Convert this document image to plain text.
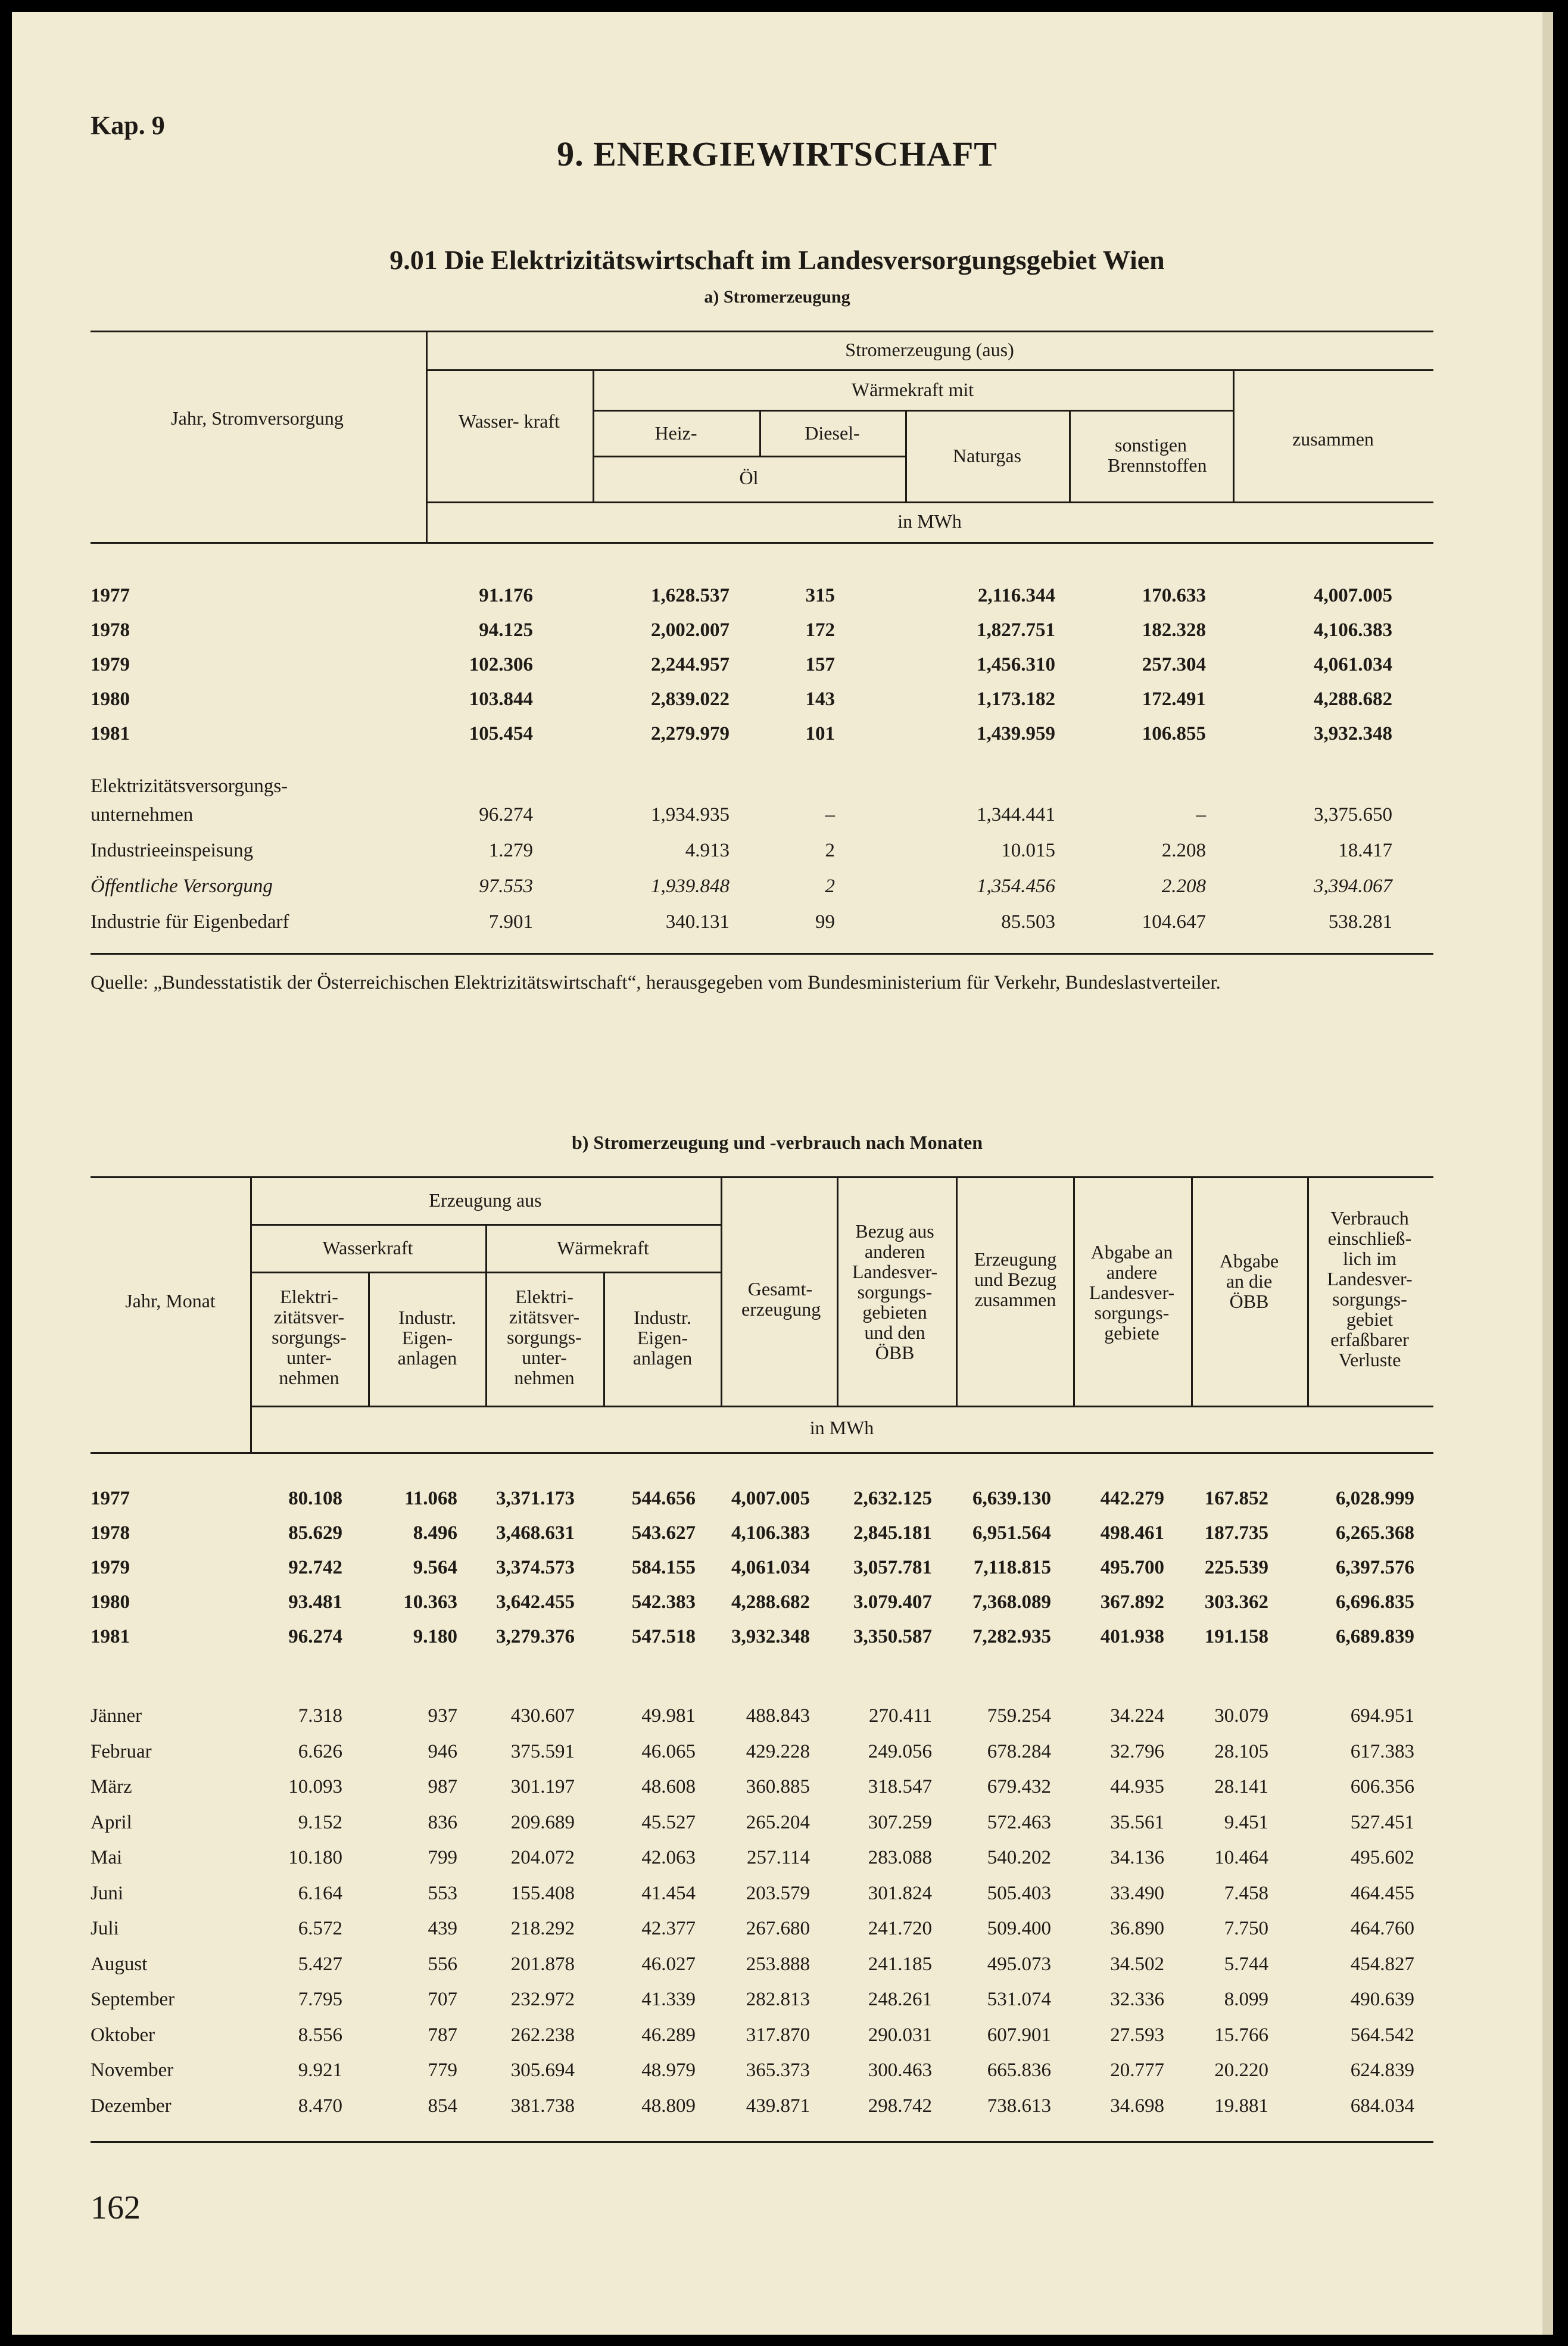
Kap. 9
9. ENERGIEWIRTSCHAFT
9.01 Die Elektrizitätswirtschaft im Landesversorgungsgebiet Wien
a) Stromerzeugung
Jahr, Stromversorgung
Stromerzeugung (aus)
Wasser- kraft
Wärmekraft mit
Heiz-	Diesel-
Öl
Naturgas	sonstigen Brennstoffen
zusammen
in MWh
1977	91.176	1,628.537	315	2,116.344	170.633	4,007.005
1978	94.125	2,002.007	172	1,827.751	182.328	4,106.383
1979	102.306	2,244.957	157	1,456.310	257.304	4,061.034
1980	103.844	2,839.022	143	1,173.182	172.491	4,288.682
1981	105.454	2,279.979	101	1,439.959	106.855	3,932.348
Elektrizitätsversorgungs-
unternehmen	96.274	1,934.935	–	1,344.441	–	3,375.650
Industrieeinspeisung	1.279	4.913	2	10.015	2.208	18.417
Öffentliche Versorgung	97.553	1,939.848	2	1,354.456	2.208	3,394.067
Industrie für Eigenbedarf	7.901	340.131	99	85.503	104.647	538.281
Quelle: „Bundesstatistik der Österreichischen Elektrizitätswirtschaft“, herausgegeben vom Bundesministerium für Verkehr, Bundeslastverteiler.
b) Stromerzeugung und -verbrauch nach Monaten
Jahr, Monat
Erzeugung aus
Wasserkraft	Wärmekraft
Elektri- zitätsver- sorgungs- unter- nehmen
Industr. Eigen- anlagen
Elektri- zitätsver- sorgungs- unter- nehmen
Industr. Eigen- anlagen
Gesamt- erzeugung
Bezug aus anderen Landesver- sorgungs- gebieten und den ÖBB
Erzeugung und Bezug zusammen
Abgabe an andere Landesver- sorgungs- gebiete
Abgabe an die ÖBB
Verbrauch einschließ- lich im Landesver- sorgungs- gebiet erfaßbarer Verluste
in MWh
1977	80.108	11.068	3,371.173	544.656	4,007.005	2,632.125	6,639.130	442.279	167.852	6,028.999
1978	85.629	8.496	3,468.631	543.627	4,106.383	2,845.181	6,951.564	498.461	187.735	6,265.368
1979	92.742	9.564	3,374.573	584.155	4,061.034	3,057.781	7,118.815	495.700	225.539	6,397.576
1980	93.481	10.363	3,642.455	542.383	4,288.682	3.079.407	7,368.089	367.892	303.362	6,696.835
1981	96.274	9.180	3,279.376	547.518	3,932.348	3,350.587	7,282.935	401.938	191.158	6,689.839
Jänner	7.318	937	430.607	49.981	488.843	270.411	759.254	34.224	30.079	694.951
Februar	6.626	946	375.591	46.065	429.228	249.056	678.284	32.796	28.105	617.383
März	10.093	987	301.197	48.608	360.885	318.547	679.432	44.935	28.141	606.356
April	9.152	836	209.689	45.527	265.204	307.259	572.463	35.561	9.451	527.451
Mai	10.180	799	204.072	42.063	257.114	283.088	540.202	34.136	10.464	495.602
Juni	6.164	553	155.408	41.454	203.579	301.824	505.403	33.490	7.458	464.455
Juli	6.572	439	218.292	42.377	267.680	241.720	509.400	36.890	7.750	464.760
August	5.427	556	201.878	46.027	253.888	241.185	495.073	34.502	5.744	454.827
September	7.795	707	232.972	41.339	282.813	248.261	531.074	32.336	8.099	490.639
Oktober	8.556	787	262.238	46.289	317.870	290.031	607.901	27.593	15.766	564.542
November	9.921	779	305.694	48.979	365.373	300.463	665.836	20.777	20.220	624.839
Dezember	8.470	854	381.738	48.809	439.871	298.742	738.613	34.698	19.881	684.034
162
